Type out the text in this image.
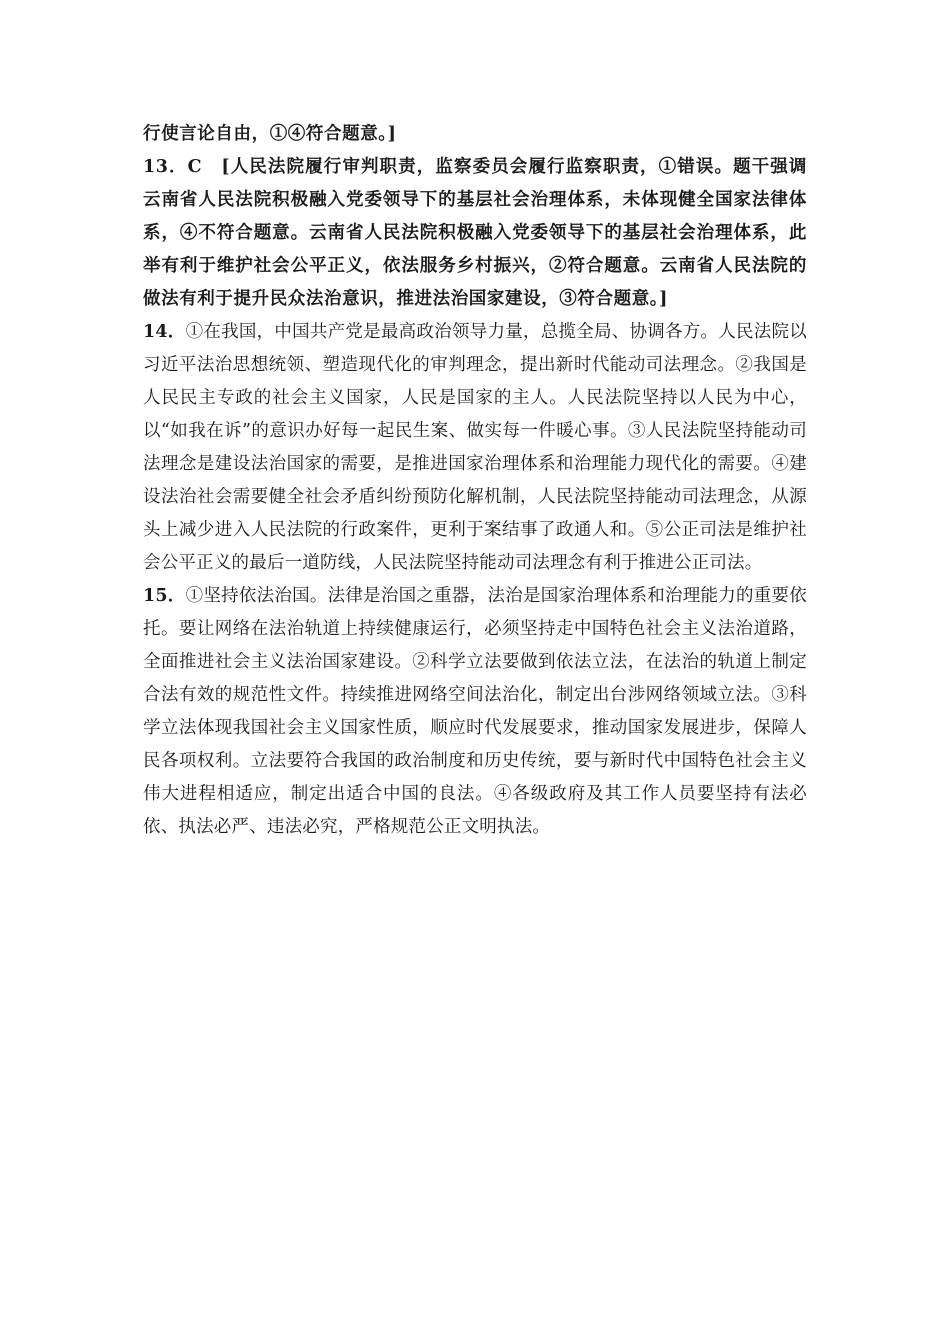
行使言论自由，①④符合题意。]

13．C　[人民法院履行审判职责，监察委员会履行监察职责，①错误。题干强调云南省人民法院积极融入党委领导下的基层社会治理体系，未体现健全国家法律体系，④不符合题意。云南省人民法院积极融入党委领导下的基层社会治理体系，此举有利于维护社会公平正义，依法服务乡村振兴，②符合题意。云南省人民法院的做法有利于提升民众法治意识，推进法治国家建设，③符合题意。]

14．①在我国，中国共产党是最高政治领导力量，总揽全局、协调各方。人民法院以习近平法治思想统领、塑造现代化的审判理念，提出新时代能动司法理念。②我国是人民民主专政的社会主义国家，人民是国家的主人。人民法院坚持以人民为中心，以“如我在诉”的意识办好每一起民生案、做实每一件暖心事。③人民法院坚持能动司法理念是建设法治国家的需要，是推进国家治理体系和治理能力现代化的需要。④建设法治社会需要健全社会矛盾纠纷预防化解机制，人民法院坚持能动司法理念，从源头上减少进入人民法院的行政案件，更利于案结事了政通人和。⑤公正司法是维护社会公平正义的最后一道防线，人民法院坚持能动司法理念有利于推进公正司法。

15．①坚持依法治国。法律是治国之重器，法治是国家治理体系和治理能力的重要依托。要让网络在法治轨道上持续健康运行，必须坚持走中国特色社会主义法治道路，全面推进社会主义法治国家建设。②科学立法要做到依法立法，在法治的轨道上制定合法有效的规范性文件。持续推进网络空间法治化，制定出台涉网络领域立法。③科学立法体现我国社会主义国家性质，顺应时代发展要求，推动国家发展进步，保障人民各项权利。立法要符合我国的政治制度和历史传统，要与新时代中国特色社会主义伟大进程相适应，制定出适合中国的良法。④各级政府及其工作人员要坚持有法必依、执法必严、违法必究，严格规范公正文明执法。
